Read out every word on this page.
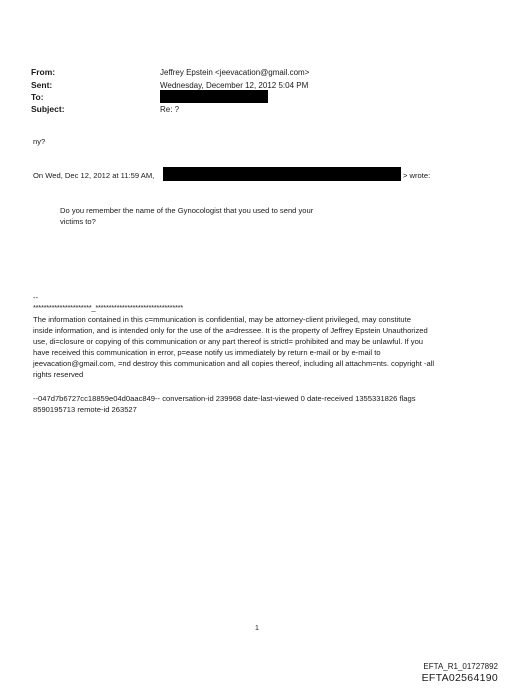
From:	Jeffrey Epstein <jeevacation@gmail.com>
Sent:	Wednesday, December 12, 2012 5:04 PM
To:
Subject:	Re: ?
ny?
On Wed, Dec 12, 2012 at 11:59 AM,	> wrote:
Do you remember the name of the Gynocologist that you used to send your
victims to?
--
**********************_*********************************
The information contained in this c=mmunication is confidential, may be attorney-client privileged, may constitute
inside information, and is intended only for the use of the a=dressee. It is the property of Jeffrey Epstein Unauthorized
use, di=closure or copying of this communication or any part thereof is strictl= prohibited and may be unlawful. If you
have received this communication in error, p=ease notify us immediately by return e-mail or by e-mail to
jeevacation@gmail.com, =nd destroy this communication and all copies thereof, including all attachm=nts. copyright -all
rights reserved
--047d7b6727cc18859e04d0aac849-- conversation-id 239968 date-last-viewed 0 date-received 1355331826 flags
8590195713 remote-id 263527
1
EFTA_R1_01727892
EFTA02564190
